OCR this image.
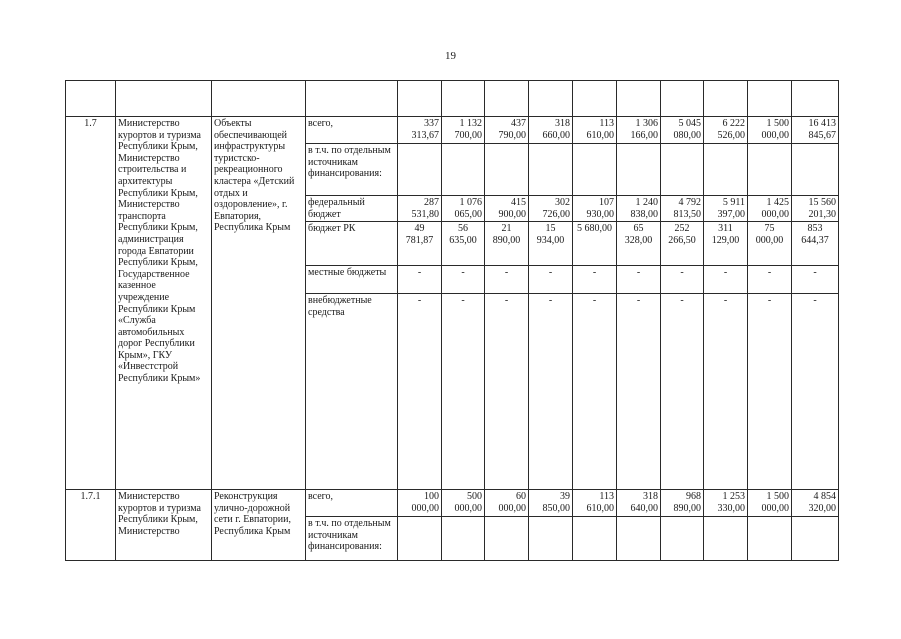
19

1.7	Министерство курортов и туризма Республики Крым, Министерство строительства и архитектуры Республики Крым, Министерство транспорта Республики Крым, администрация города Евпатории Республики Крым, Государственное казенное учреждение Республики Крым «Служба автомобильных дорог Республики Крым», ГКУ «Инвестстрой Республики Крым»	Объекты обеспечивающей инфраструктуры туристско-рекреационного кластера «Детский отдых и оздоровление», г. Евпатория, Республика Крым	всего,	337 313,67	1 132 700,00	437 790,00	318 660,00	113 610,00	1 306 166,00	5 045 080,00	6 222 526,00	1 500 000,00	16 413 845,67
			в т.ч. по отдельным источникам финансирования:										
			федеральный бюджет	287 531,80	1 076 065,00	415 900,00	302 726,00	107 930,00	1 240 838,00	4 792 813,50	5 911 397,00	1 425 000,00	15 560 201,30
			бюджет РК	49 781,87	56 635,00	21 890,00	15 934,00	5 680,00	65 328,00	252 266,50	311 129,00	75 000,00	853 644,37

			местные бюджеты	-	-	-	-	-	-	-	-	-	-
			внебюджетные средства	-	-	-	-	-	-	-	-	-	-
1.7.1	Министерство курортов и туризма Республики Крым, Министерство	Реконструкция улично-дорожной сети г. Евпатории, Республика Крым	всего,	100 000,00	500 000,00	60 000,00	39 850,00	113 610,00	318 640,00	968 890,00	1 253 330,00	1 500 000,00	4 854 320,00
			в т.ч. по отдельным источникам финансирования:										
